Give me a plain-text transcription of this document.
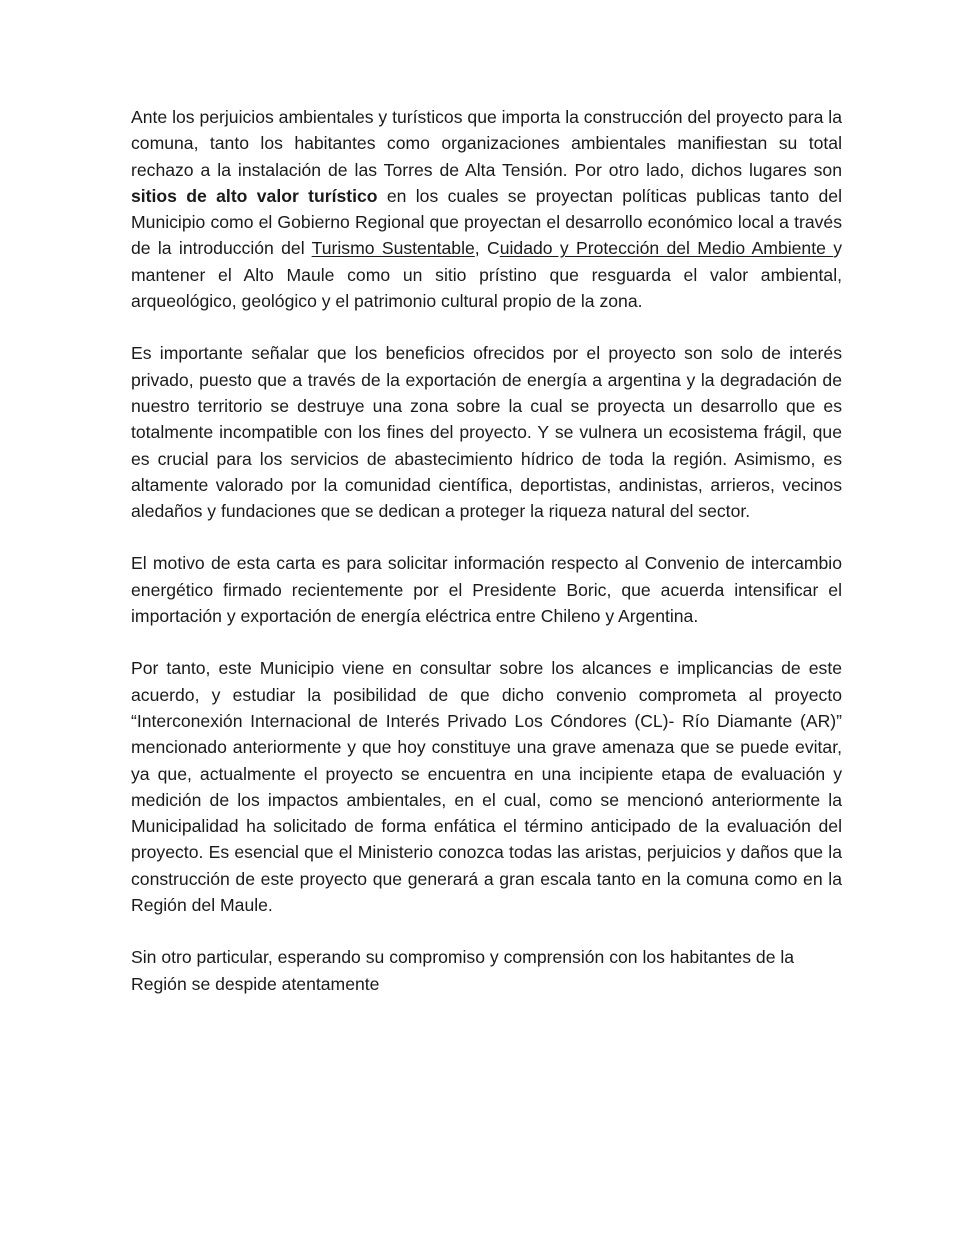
Ante los perjuicios ambientales y turísticos que importa la construcción del proyecto para la comuna, tanto los habitantes como organizaciones ambientales manifiestan su total rechazo a la instalación de las Torres de Alta Tensión. Por otro lado, dichos lugares son sitios de alto valor turístico en los cuales se proyectan políticas publicas tanto del Municipio como el Gobierno Regional que proyectan el desarrollo económico local a través de la introducción del Turismo Sustentable, Cuidado y Protección del Medio Ambiente y mantener el Alto Maule como un sitio prístino que resguarda el valor ambiental, arqueológico, geológico y el patrimonio cultural propio de la zona.

Es importante señalar que los beneficios ofrecidos por el proyecto son solo de interés privado, puesto que a través de la exportación de energía a argentina y la degradación de nuestro territorio se destruye una zona sobre la cual se proyecta un desarrollo que es totalmente incompatible con los fines del proyecto. Y se vulnera un ecosistema frágil, que es crucial para los servicios de abastecimiento hídrico de toda la región. Asimismo, es altamente valorado por la comunidad científica, deportistas, andinistas, arrieros, vecinos aledaños y fundaciones que se dedican a proteger la riqueza natural del sector.

El motivo de esta carta es para solicitar información respecto al Convenio de intercambio energético firmado recientemente por el Presidente Boric, que acuerda intensificar el importación y exportación de energía eléctrica entre Chileno y Argentina.

Por tanto, este Municipio viene en consultar sobre los alcances e implicancias de este acuerdo, y estudiar la posibilidad de que dicho convenio comprometa al proyecto “Interconexión Internacional de Interés Privado Los Cóndores (CL)- Río Diamante (AR)” mencionado anteriormente y que hoy constituye una grave amenaza que se puede evitar, ya que, actualmente el proyecto se encuentra en una incipiente etapa de evaluación y medición de los impactos ambientales, en el cual, como se mencionó anteriormente la Municipalidad ha solicitado de forma enfática el término anticipado de la evaluación del proyecto. Es esencial que el Ministerio conozca todas las aristas, perjuicios y daños que la construcción de este proyecto que generará a gran escala tanto en la comuna como en la Región del Maule.

Sin otro particular, esperando su compromiso y comprensión con los habitantes de la Región se despide atentamente
